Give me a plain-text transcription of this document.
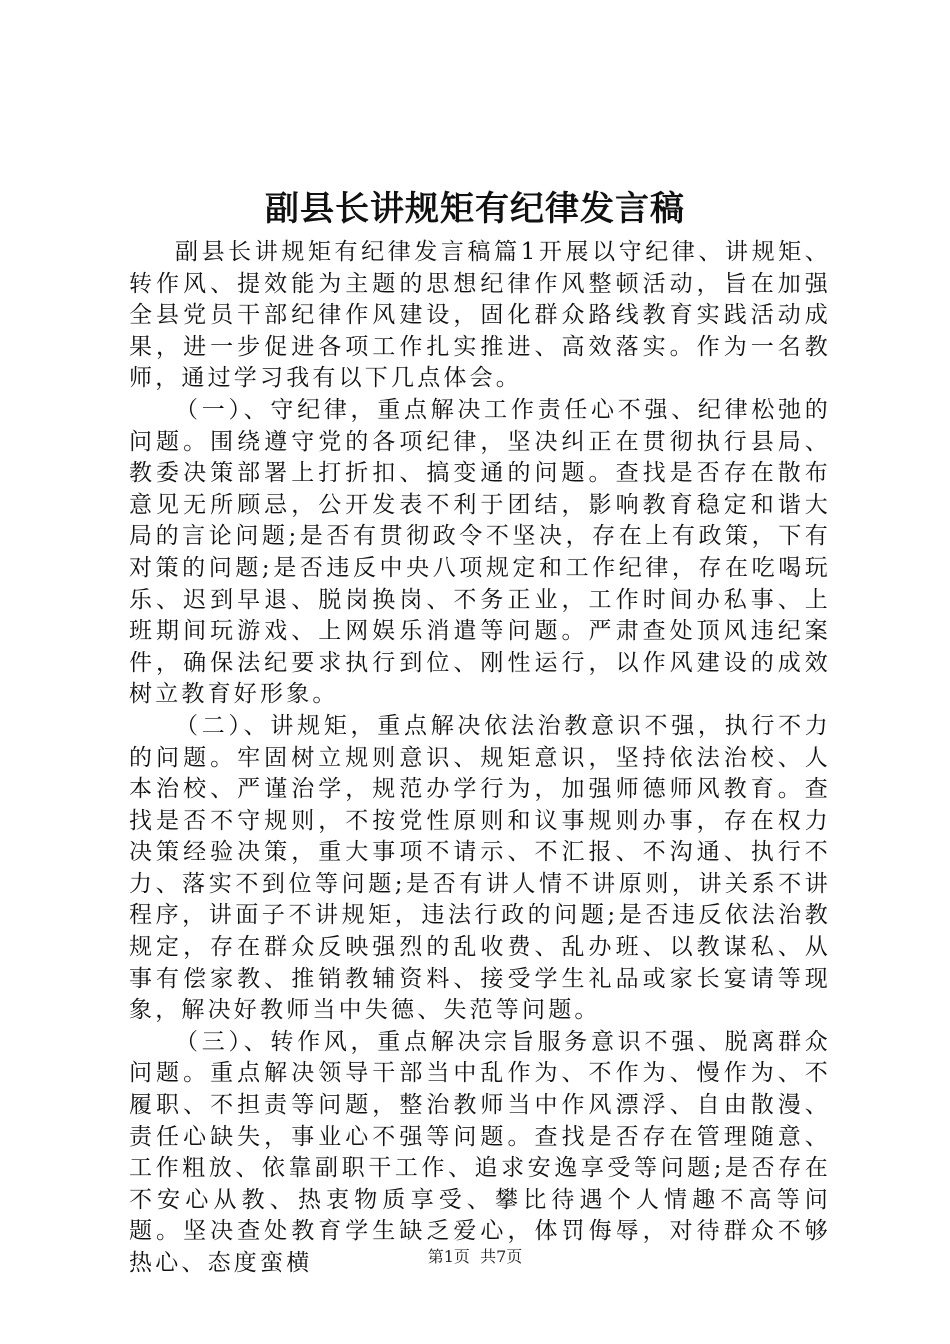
副县长讲规矩有纪律发言稿

副县长讲规矩有纪律发言稿篇1开展以守纪律、讲规矩、转作风、提效能为主题的思想纪律作风整顿活动，旨在加强全县党员干部纪律作风建设，固化群众路线教育实践活动成果，进一步促进各项工作扎实推进、高效落实。作为一名教师，通过学习我有以下几点体会。

（一）、守纪律，重点解决工作责任心不强、纪律松弛的问题。围绕遵守党的各项纪律，坚决纠正在贯彻执行县局、教委决策部署上打折扣、搞变通的问题。查找是否存在散布意见无所顾忌，公开发表不利于团结，影响教育稳定和谐大局的言论问题;是否有贯彻政令不坚决，存在上有政策，下有对策的问题;是否违反中央八项规定和工作纪律，存在吃喝玩乐、迟到早退、脱岗换岗、不务正业，工作时间办私事、上班期间玩游戏、上网娱乐消遣等问题。严肃查处顶风违纪案件，确保法纪要求执行到位、刚性运行，以作风建设的成效树立教育好形象。

（二）、讲规矩，重点解决依法治教意识不强，执行不力的问题。牢固树立规则意识、规矩意识，坚持依法治校、人本治校、严谨治学，规范办学行为，加强师德师风教育。查找是否不守规则，不按党性原则和议事规则办事，存在权力决策经验决策，重大事项不请示、不汇报、不沟通、执行不力、落实不到位等问题;是否有讲人情不讲原则，讲关系不讲程序，讲面子不讲规矩，违法行政的问题;是否违反依法治教规定，存在群众反映强烈的乱收费、乱办班、以教谋私、从事有偿家教、推销教辅资料、接受学生礼品或家长宴请等现象，解决好教师当中失德、失范等问题。

（三）、转作风，重点解决宗旨服务意识不强、脱离群众问题。重点解决领导干部当中乱作为、不作为、慢作为、不履职、不担责等问题，整治教师当中作风漂浮、自由散漫、责任心缺失，事业心不强等问题。查找是否存在管理随意、工作粗放、依靠副职干工作、追求安逸享受等问题;是否存在不安心从教、热衷物质享受、攀比待遇个人情趣不高等问题。坚决查处教育学生缺乏爱心，体罚侮辱，对待群众不够热心、态度蛮横	第1页 共7页
